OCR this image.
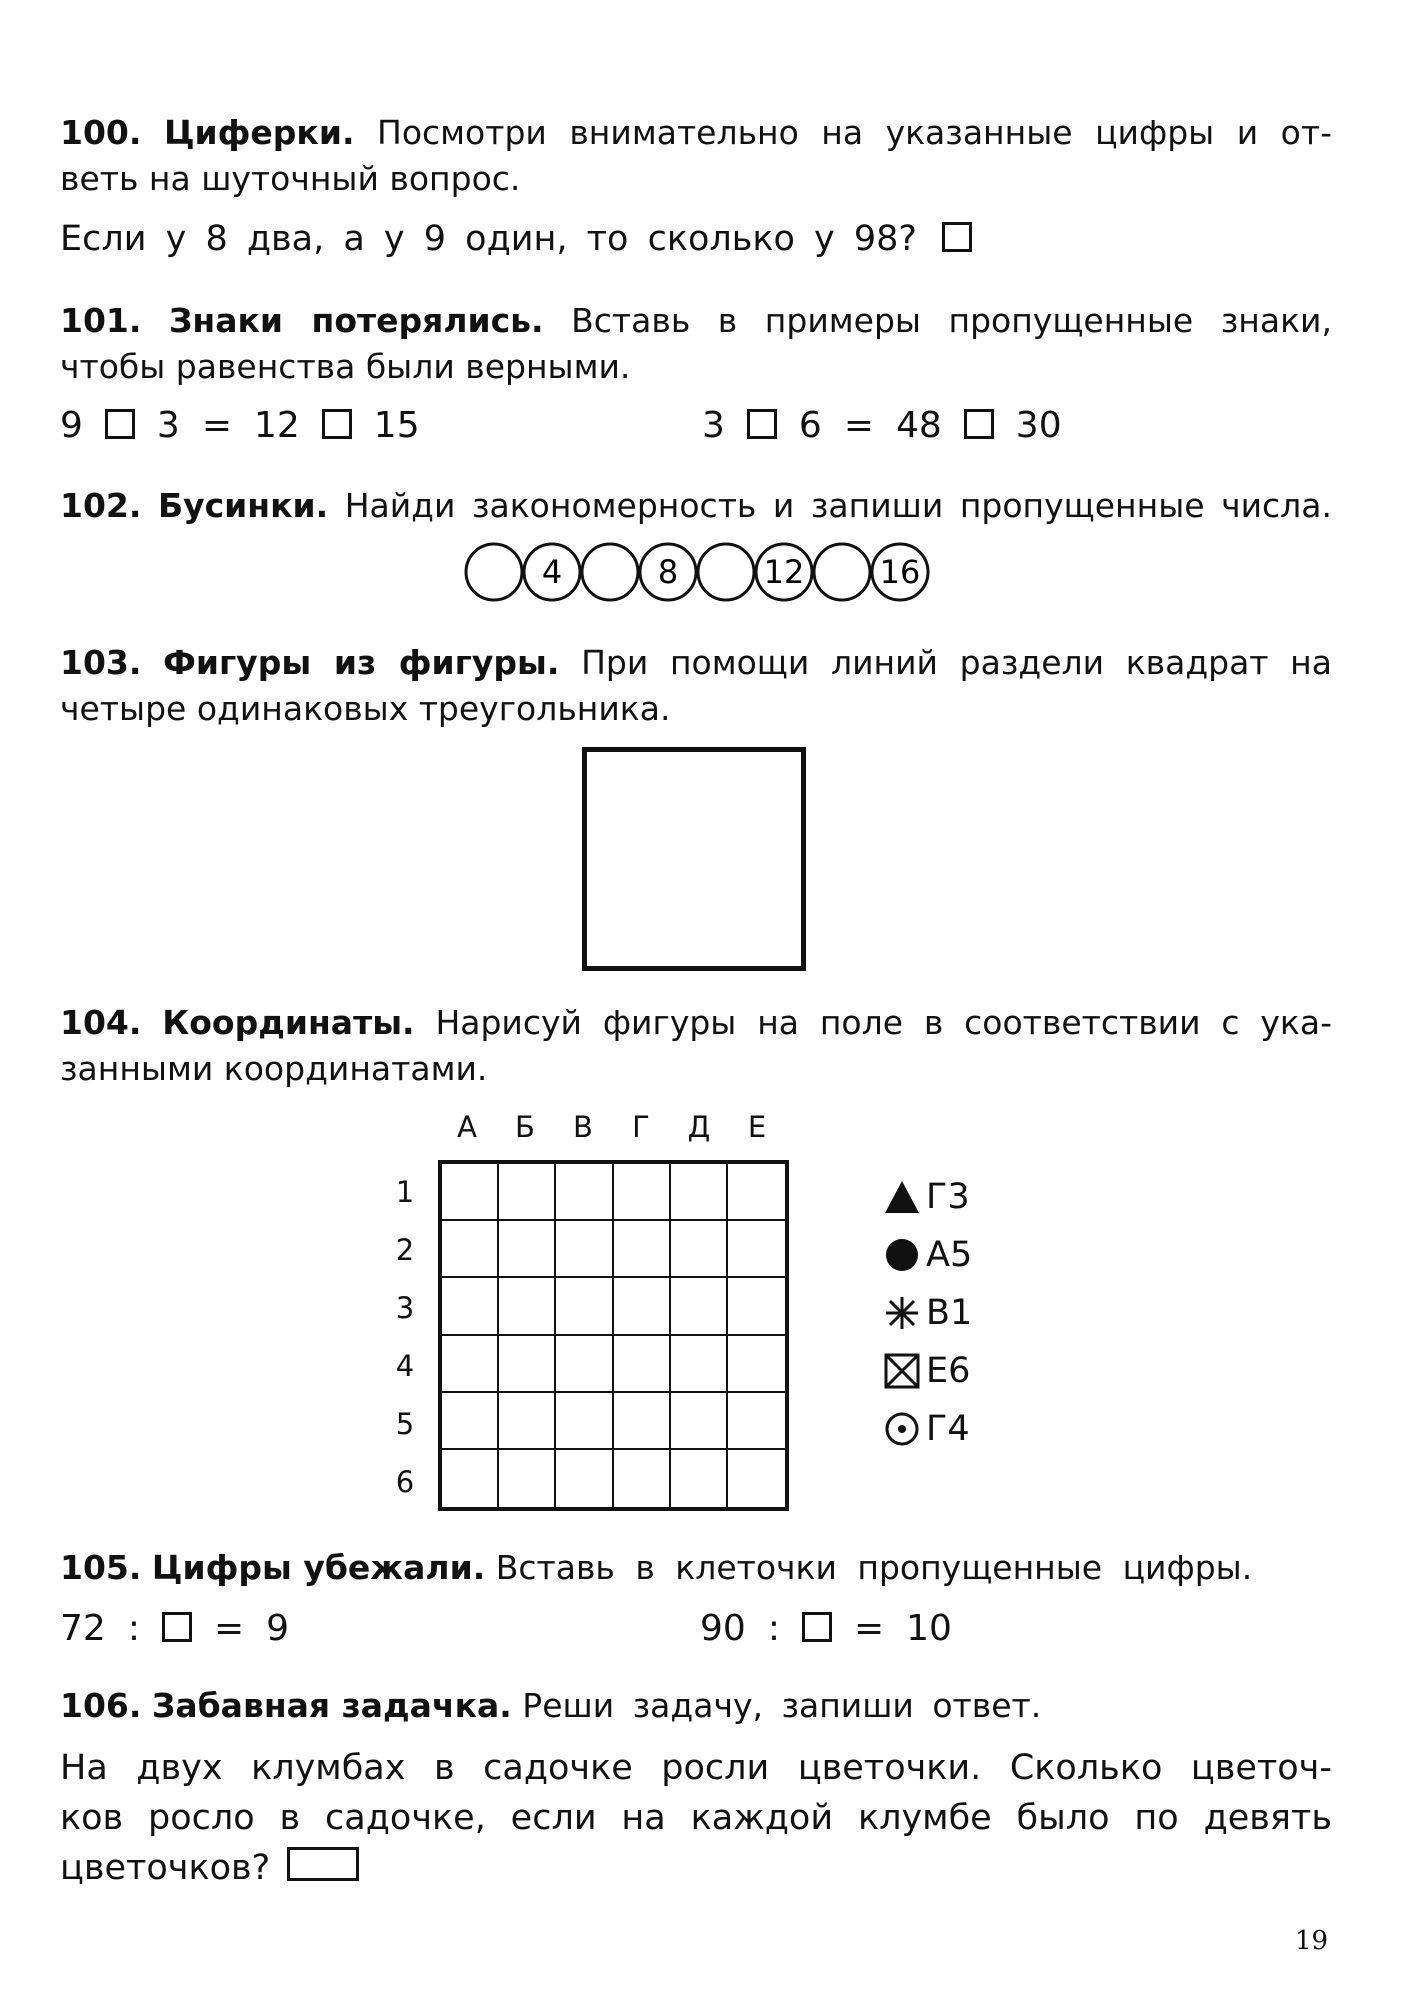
100. Циферки. Посмотри внимательно на указанные цифры и от-

веть на шуточный вопрос.

Если у 8 два, а у 9 один, то сколько у 98?

101. Знаки потерялись. Вставь в примеры пропущенные знаки,

чтобы равенства были верными.

9 3 = 12 15	3 6 = 48 30

102. Бусинки. Найди закономерность и запиши пропущенные числа.

4	8	12 16

103. Фигуры из фигуры. При помощи линий раздели квадрат на

четыре одинаковых треугольника.

104. Координаты. Нарисуй фигуры на поле в соответствии с ука-

занными координатами.

А	Б	В	Г	Д	Е
1
2
3
4
5
6
Г3
А5
В1
Е6
Г4

105. Цифры убежали. Вставь в клеточки пропущенные цифры.

72 : = 9	90 : = 10

106. Забавная задачка. Реши задачу, запиши ответ.

На двух клумбах в садочке росли цветочки. Сколько цветоч-

ков росло в садочке, если на каждой клумбе было по девять

цветочков?

19
